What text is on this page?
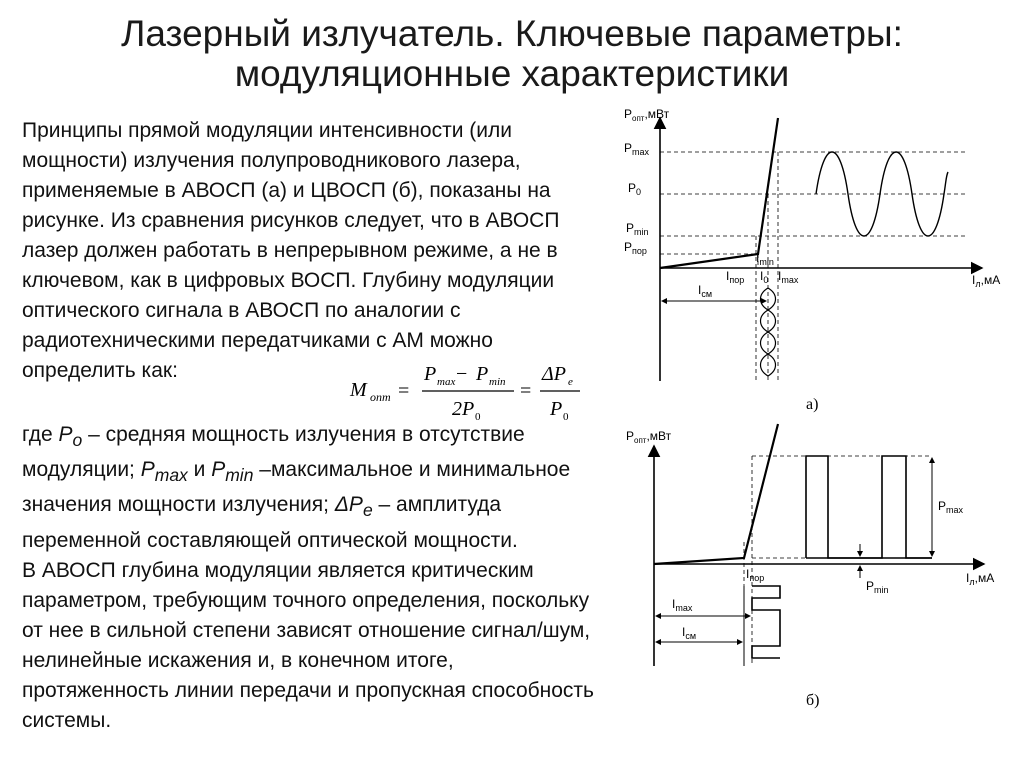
Лазерный излучатель. Ключевые параметры:
модуляционные характеристики

Принципы прямой модуляции интенсивности (или мощности) излучения полупроводникового лазера, применяемые в АВОСП (а) и ЦВОСП (б), показаны на рисунке. Из сравнения рисунков следует, что в АВОСП лазер должен работать в непрерывном режиме, а не в ключевом, как в цифровых ВОСП. Глубину модуляции оптического сигнала в АВОСП по аналогии с радиотехническими передатчиками с АМ можно определить как:

где $P_o$ – средняя мощность излучения в отсутствие модуляции; $P_{max}$ и $P_{min}$ –максимальное и минимальное значения мощности излучения; $\Delta P_e$ – амплитуда переменной составляющей оптической мощности.

В АВОСП глубина модуляции является критическим параметром, требующим точного определения, поскольку от нее в сильной степени зависят отношение сигнал/шум, нелинейные искажения и, в конечном итоге, протяженность линии передачи и пропускная способность системы.

M опт =
P max − P min
2P 0
=
ΔP e
P 0
$P_{опт},мВт$
$P_{max}$
$P_0$
$P_{min}$
$P_{пор}$
$I_л,мА$
$I_{пор}$
$I_{min}$
$I_0$ $I_{max}$
$I_{см}$
а)
$P_{опт},мВт$
$I_л,мА$
$P_{max}$
$P_{min}$
$I_{пор}$
$I_{max}$
$I_{см}$
б)
